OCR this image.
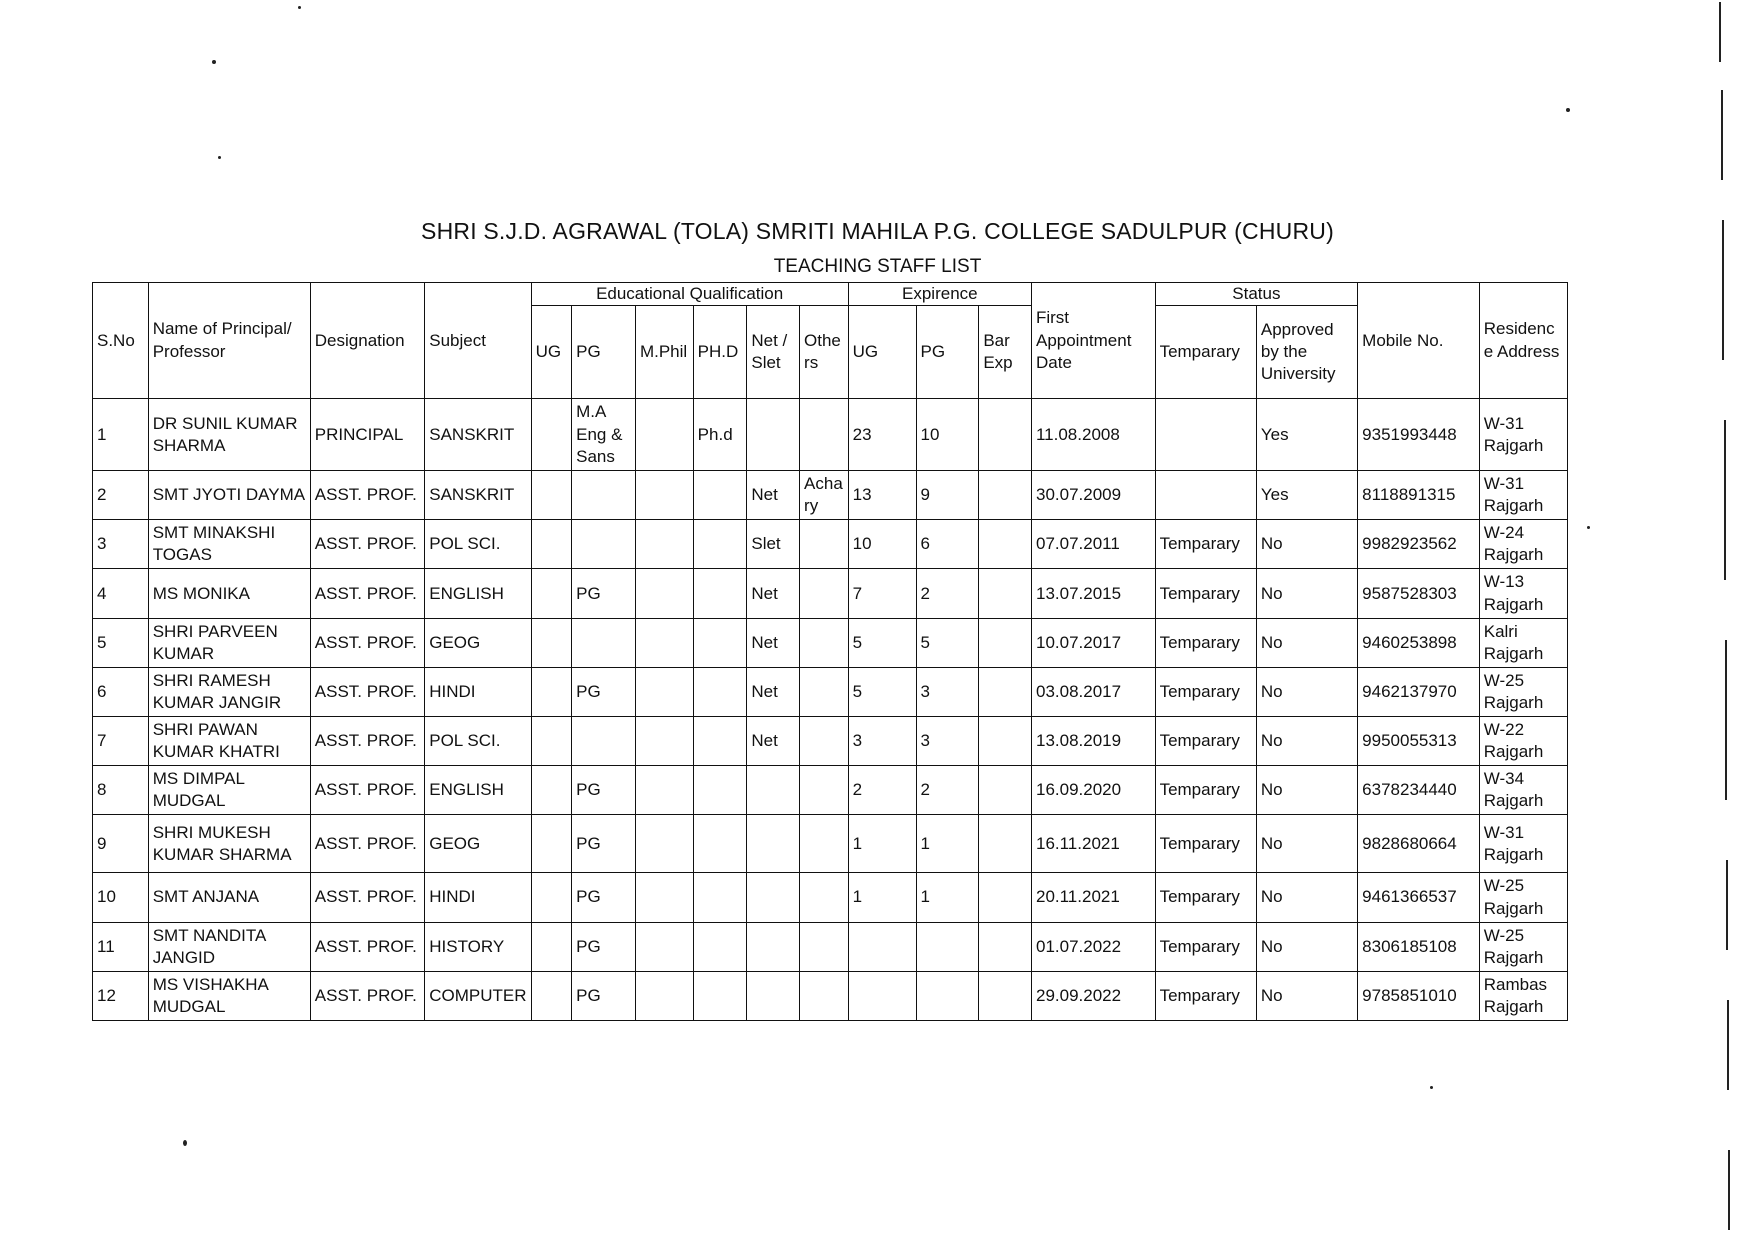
SHRI S.J.D. AGRAWAL (TOLA) SMRITI MAHILA P.G. COLLEGE SADULPUR (CHURU)
TEACHING STAFF LIST
S.No	Name of Principal/ Professor	Designation	Subject	Educational Qualification						Expirence			First Appointment Date	Status		Mobile No.	Residence Address
				UG	PG	M.Phil	PH.D	Net / Slet	Othe rs	UG	PG	Bar Exp		Temparary	Approved by the University		
1	DR SUNIL KUMAR SHARMA	PRINCIPAL	SANSKRIT		M.A Eng & Sans		Ph.d			23	10		11.08.2008		Yes	9351993448	W-31 Rajgarh
2	SMT JYOTI DAYMA	ASST. PROF.	SANSKRIT					Net	Acha ry	13	9		30.07.2009		Yes	8118891315	W-31 Rajgarh
3	SMT MINAKSHI TOGAS	ASST. PROF.	POL SCI.					Slet		10	6		07.07.2011	Temparary	No	9982923562	W-24 Rajgarh
4	MS MONIKA	ASST. PROF.	ENGLISH		PG			Net		7	2		13.07.2015	Temparary	No	9587528303	W-13 Rajgarh
5	SHRI PARVEEN KUMAR	ASST. PROF.	GEOG					Net		5	5		10.07.2017	Temparary	No	9460253898	Kalri Rajgarh
6	SHRI RAMESH KUMAR JANGIR	ASST. PROF.	HINDI		PG			Net		5	3		03.08.2017	Temparary	No	9462137970	W-25 Rajgarh
7	SHRI PAWAN KUMAR KHATRI	ASST. PROF.	POL SCI.					Net		3	3		13.08.2019	Temparary	No	9950055313	W-22 Rajgarh
8	MS DIMPAL MUDGAL	ASST. PROF.	ENGLISH		PG					2	2		16.09.2020	Temparary	No	6378234440	W-34 Rajgarh
9	SHRI MUKESH KUMAR SHARMA	ASST. PROF.	GEOG		PG					1	1		16.11.2021	Temparary	No	9828680664	W-31 Rajgarh
10	SMT ANJANA	ASST. PROF.	HINDI		PG					1	1		20.11.2021	Temparary	No	9461366537	W-25 Rajgarh
11	SMT NANDITA JANGID	ASST. PROF.	HISTORY		PG								01.07.2022	Temparary	No	8306185108	W-25 Rajgarh
12	MS VISHAKHA MUDGAL	ASST. PROF.	COMPUTER		PG								29.09.2022	Temparary	No	9785851010	Rambas Rajgarh
